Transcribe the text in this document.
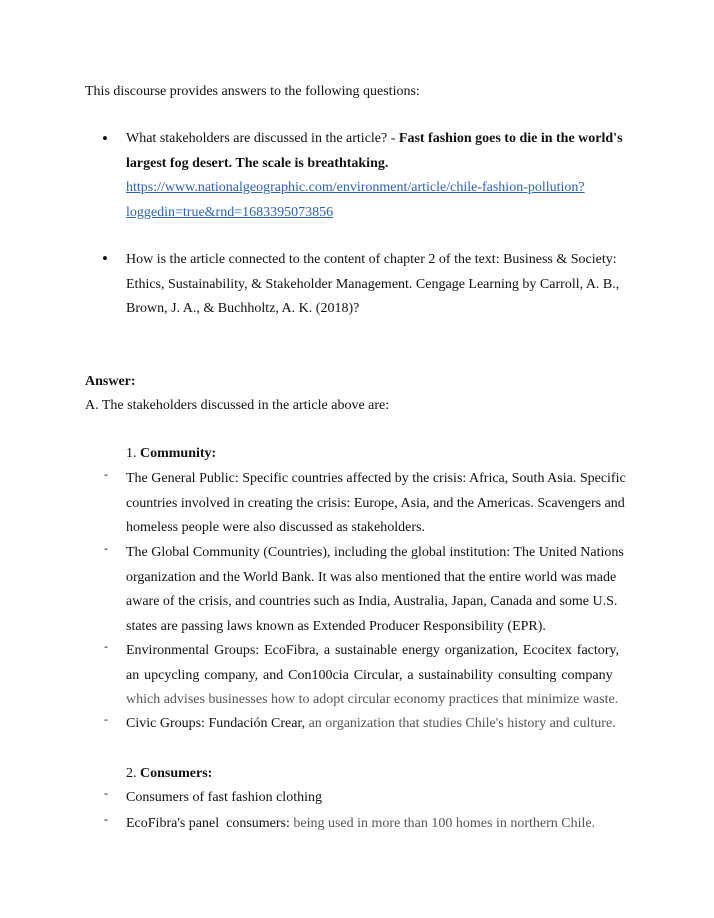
This discourse provides answers to the following questions:
• What stakeholders are discussed in the article? - Fast fashion goes to die in the world's
largest fog desert. The scale is breathtaking.
https://www.nationalgeographic.com/environment/article/chile-fashion-pollution?
loggedin=true&rnd=1683395073856
• How is the article connected to the content of chapter 2 of the text: Business & Society:
Ethics, Sustainability, & Stakeholder Management. Cengage Learning by Carroll, A. B.,
Brown, J. A., & Buchholtz, A. K. (2018)?
Answer:
A. The stakeholders discussed in the article above are:
1. Community:
- The General Public: Specific countries affected by the crisis: Africa, South Asia. Specific
countries involved in creating the crisis: Europe, Asia, and the Americas. Scavengers and
homeless people were also discussed as stakeholders.
- The Global Community (Countries), including the global institution: The United Nations
organization and the World Bank. It was also mentioned that the entire world was made
aware of the crisis, and countries such as India, Australia, Japan, Canada and some U.S.
states are passing laws known as Extended Producer Responsibility (EPR).
- Environmental Groups: EcoFibra, a sustainable energy organization, Ecocitex factory,
an upcycling company, and Con100cia Circular, a sustainability consulting company
which advises businesses how to adopt circular economy practices that minimize waste.
- Civic Groups: Fundación Crear, an organization that studies Chile's history and culture.
2. Consumers:
- Consumers of fast fashion clothing
- EcoFibra's panel  consumers: being used in more than 100 homes in northern Chile.
